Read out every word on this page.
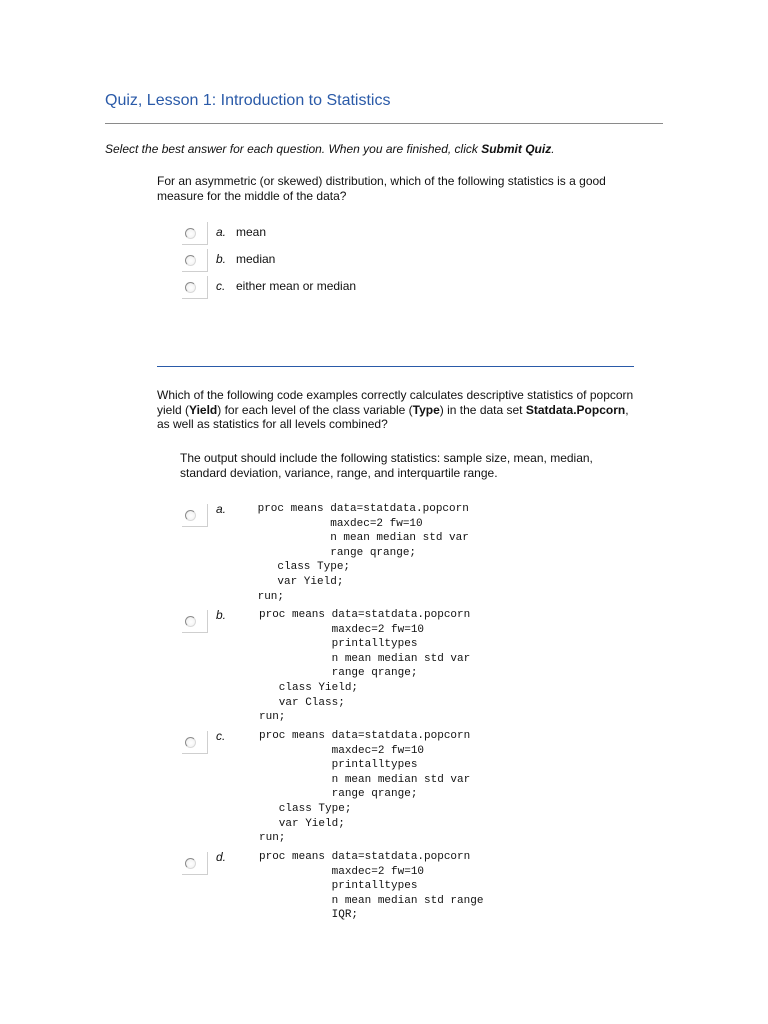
Quiz, Lesson 1: Introduction to Statistics
Select the best answer for each question. When you are finished, click Submit Quiz.
For an asymmetric (or skewed) distribution, which of the following statistics is a good measure for the middle of the data?
a. mean
b. median
c. either mean or median
Which of the following code examples correctly calculates descriptive statistics of popcorn yield (Yield) for each level of the class variable (Type) in the data set Statdata.Popcorn, as well as statistics for all levels combined?
The output should include the following statistics: sample size, mean, median, standard deviation, variance, range, and interquartile range.
a.	proc means data=statdata.popcorn
maxdec=2 fw=10
n mean median std var
range qrange;
class Type;
var Yield;
run;
b.	proc means data=statdata.popcorn
maxdec=2 fw=10
printalltypes
n mean median std var
range qrange;
class Yield;
var Class;
run;
c.	proc means data=statdata.popcorn
maxdec=2 fw=10
printalltypes
n mean median std var
range qrange;
class Type;
var Yield;
run;
d.	proc means data=statdata.popcorn
maxdec=2 fw=10
printalltypes
n mean median std range
IQR;
